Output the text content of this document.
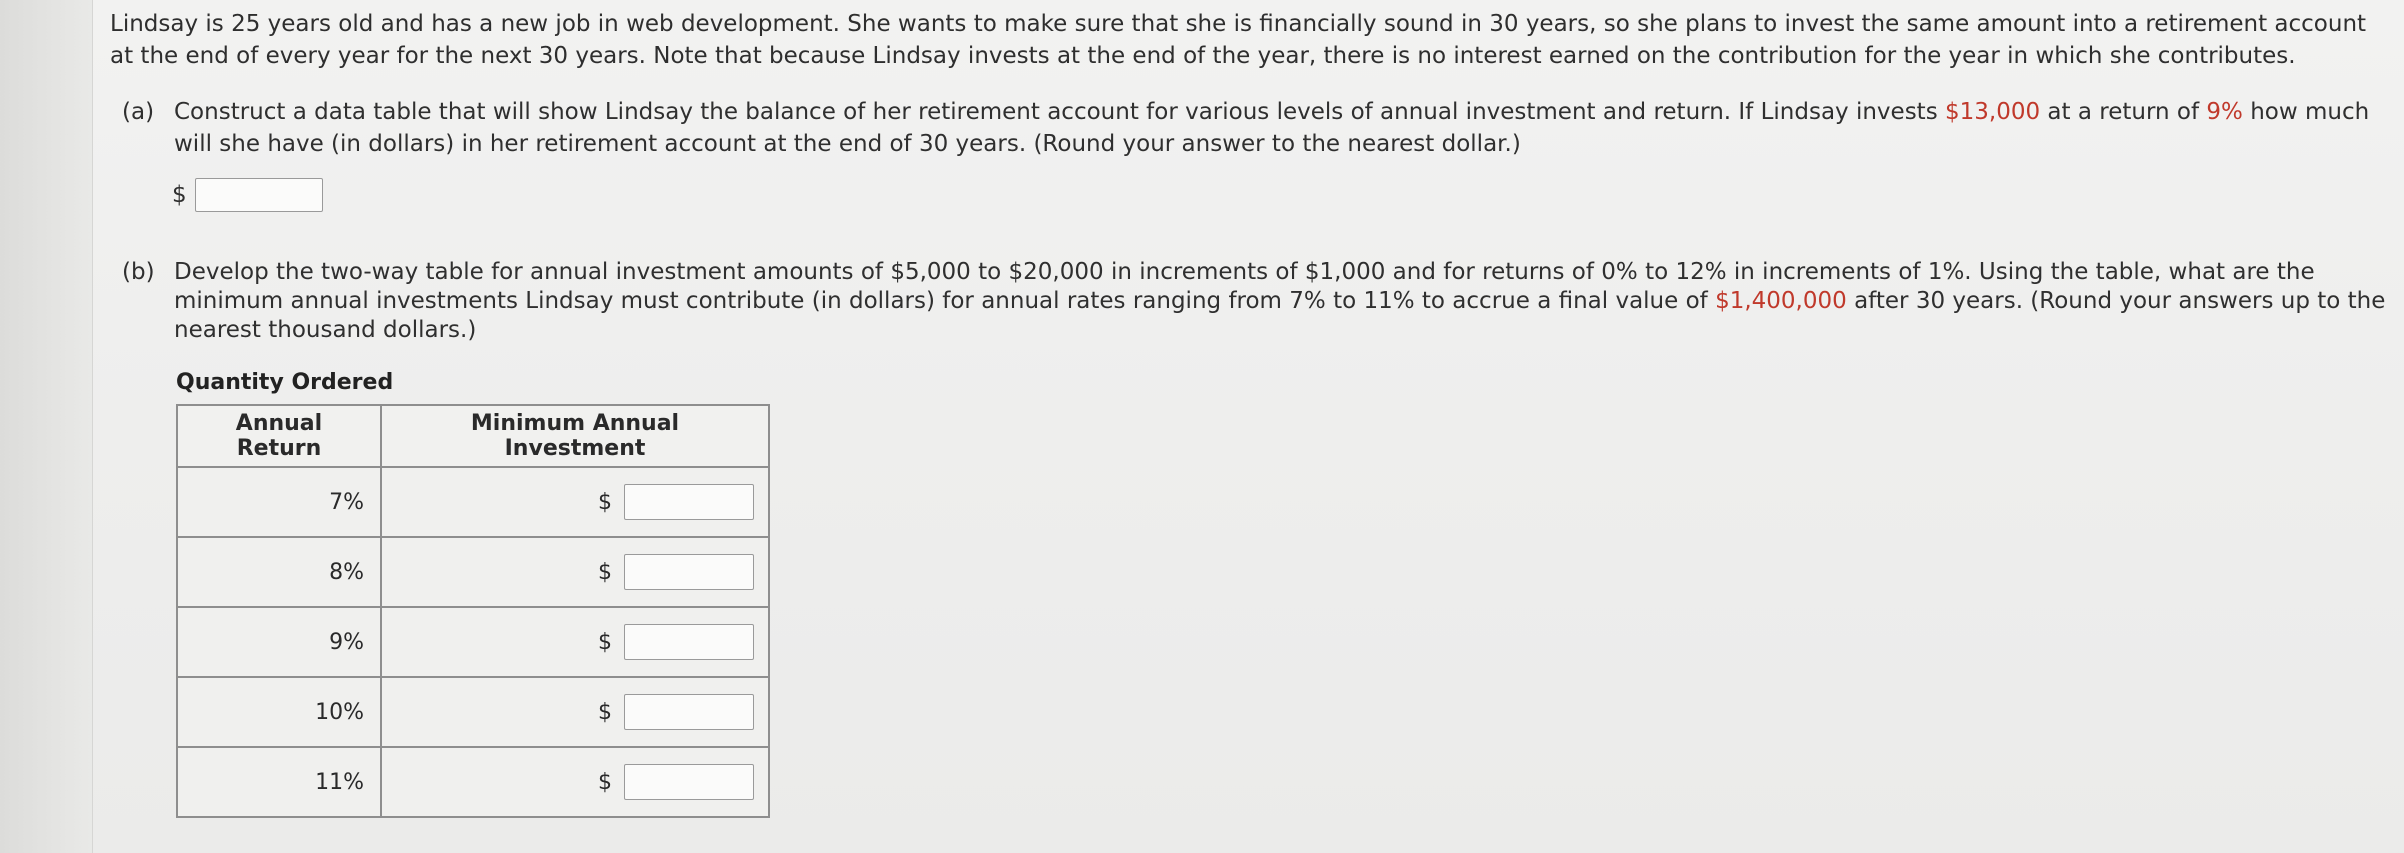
Lindsay is 25 years old and has a new job in web development. She wants to make sure that she is financially sound in 30 years, so she plans to invest the same amount into a retirement account at the end of every year for the next 30 years. Note that because Lindsay invests at the end of the year, there is no interest earned on the contribution for the year in which she contributes.
(a) Construct a data table that will show Lindsay the balance of her retirement account for various levels of annual investment and return. If Lindsay invests $13,000 at a return of 9% how much will she have (in dollars) in her retirement account at the end of 30 years. (Round your answer to the nearest dollar.)
$
(b) Develop the two-way table for annual investment amounts of $5,000 to $20,000 in increments of $1,000 and for returns of 0% to 12% in increments of 1%. Using the table, what are the minimum annual investments Lindsay must contribute (in dollars) for annual rates ranging from 7% to 11% to accrue a final value of $1,400,000 after 30 years. (Round your answers up to the nearest thousand dollars.)
Quantity Ordered
Annual Return	Minimum Annual Investment
7%	$

8%	$

9%	$

10%	$

11%	$
